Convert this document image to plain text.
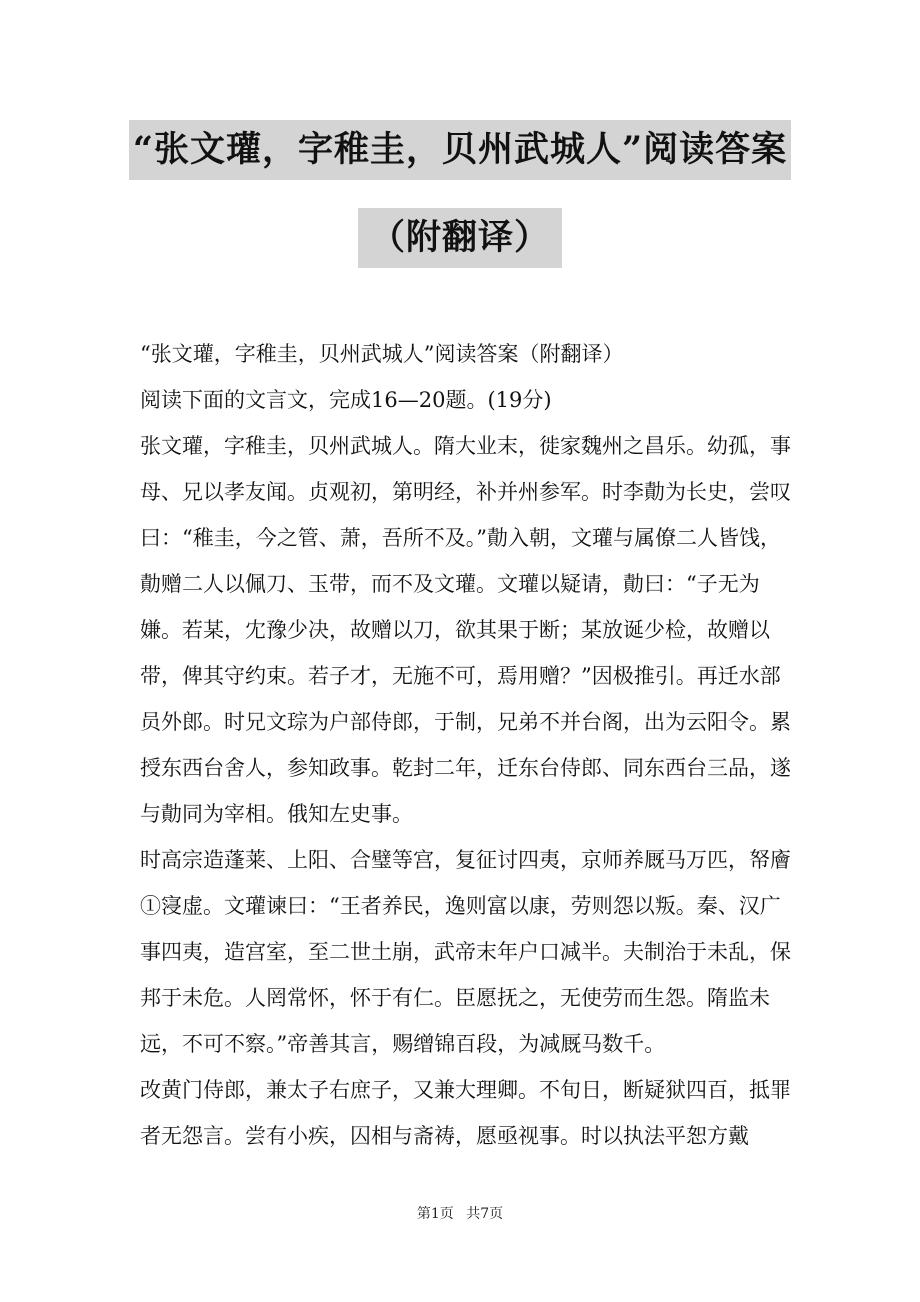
“张文瓘，字稚圭，贝州武城人”阅读答案
（附翻译）

“张文瓘，字稚圭，贝州武城人”阅读答案（附翻译）

阅读下面的文言文，完成16—20题。(19分)

张文瓘，字稚圭，贝州武城人。隋大业末，徙家魏州之昌乐。幼孤，事母、兄以孝友闻。贞观初，第明经，补并州参军。时李勣为长史，尝叹曰：“稚圭，今之管、萧，吾所不及。”勣入朝，文瓘与属僚二人皆饯，勣赠二人以佩刀、玉带，而不及文瓘。文瓘以疑请，勣曰：“子无为嫌。若某，冘豫少决，故赠以刀，欲其果于断；某放诞少检，故赠以带，俾其守约束。若子才，无施不可，焉用赠？”因极推引。再迁水部员外郎。时兄文琮为户部侍郎，于制，兄弟不并台阁，出为云阳令。累授东西台舍人，参知政事。乾封二年，迁东台侍郎、同东西台三品，遂与勣同为宰相。俄知左史事。

时高宗造蓬莱、上阳、合璧等宫，复征讨四夷，京师养厩马万匹，帑廥①寖虚。文瓘谏曰：“王者养民，逸则富以康，劳则怨以叛。秦、汉广事四夷，造宫室，至二世土崩，武帝末年户口减半。夫制治于未乱，保邦于未危。人罔常怀，怀于有仁。臣愿抚之，无使劳而生怨。隋监未远，不可不察。”帝善其言，赐缯锦百段，为减厩马数千。

改黄门侍郎，兼太子右庶子，又兼大理卿。不旬日，断疑狱四百，抵罪者无怨言。尝有小疾，囚相与斋祷，愿亟视事。时以执法平恕方戴

第1页 共7页
